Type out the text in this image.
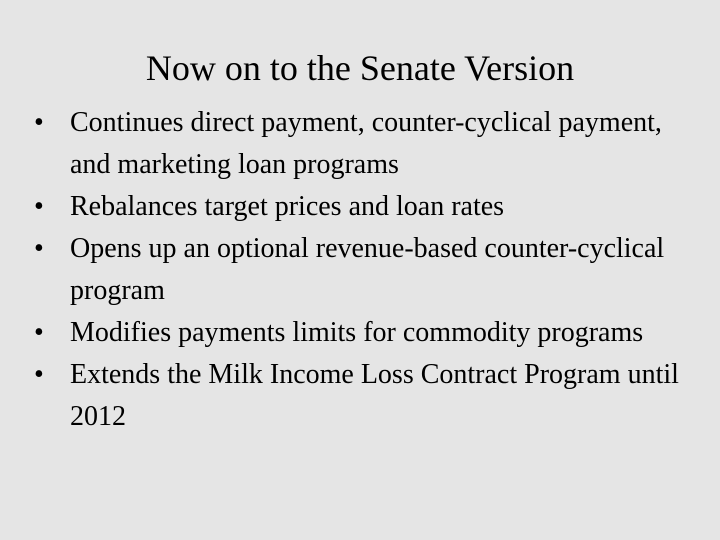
Now on to the Senate Version
• Continues direct payment, counter-cyclical payment, and marketing loan programs
• Rebalances target prices and loan rates
• Opens up an optional revenue-based counter-cyclical program
• Modifies payments limits for commodity programs
• Extends the Milk Income Loss Contract Program until 2012
